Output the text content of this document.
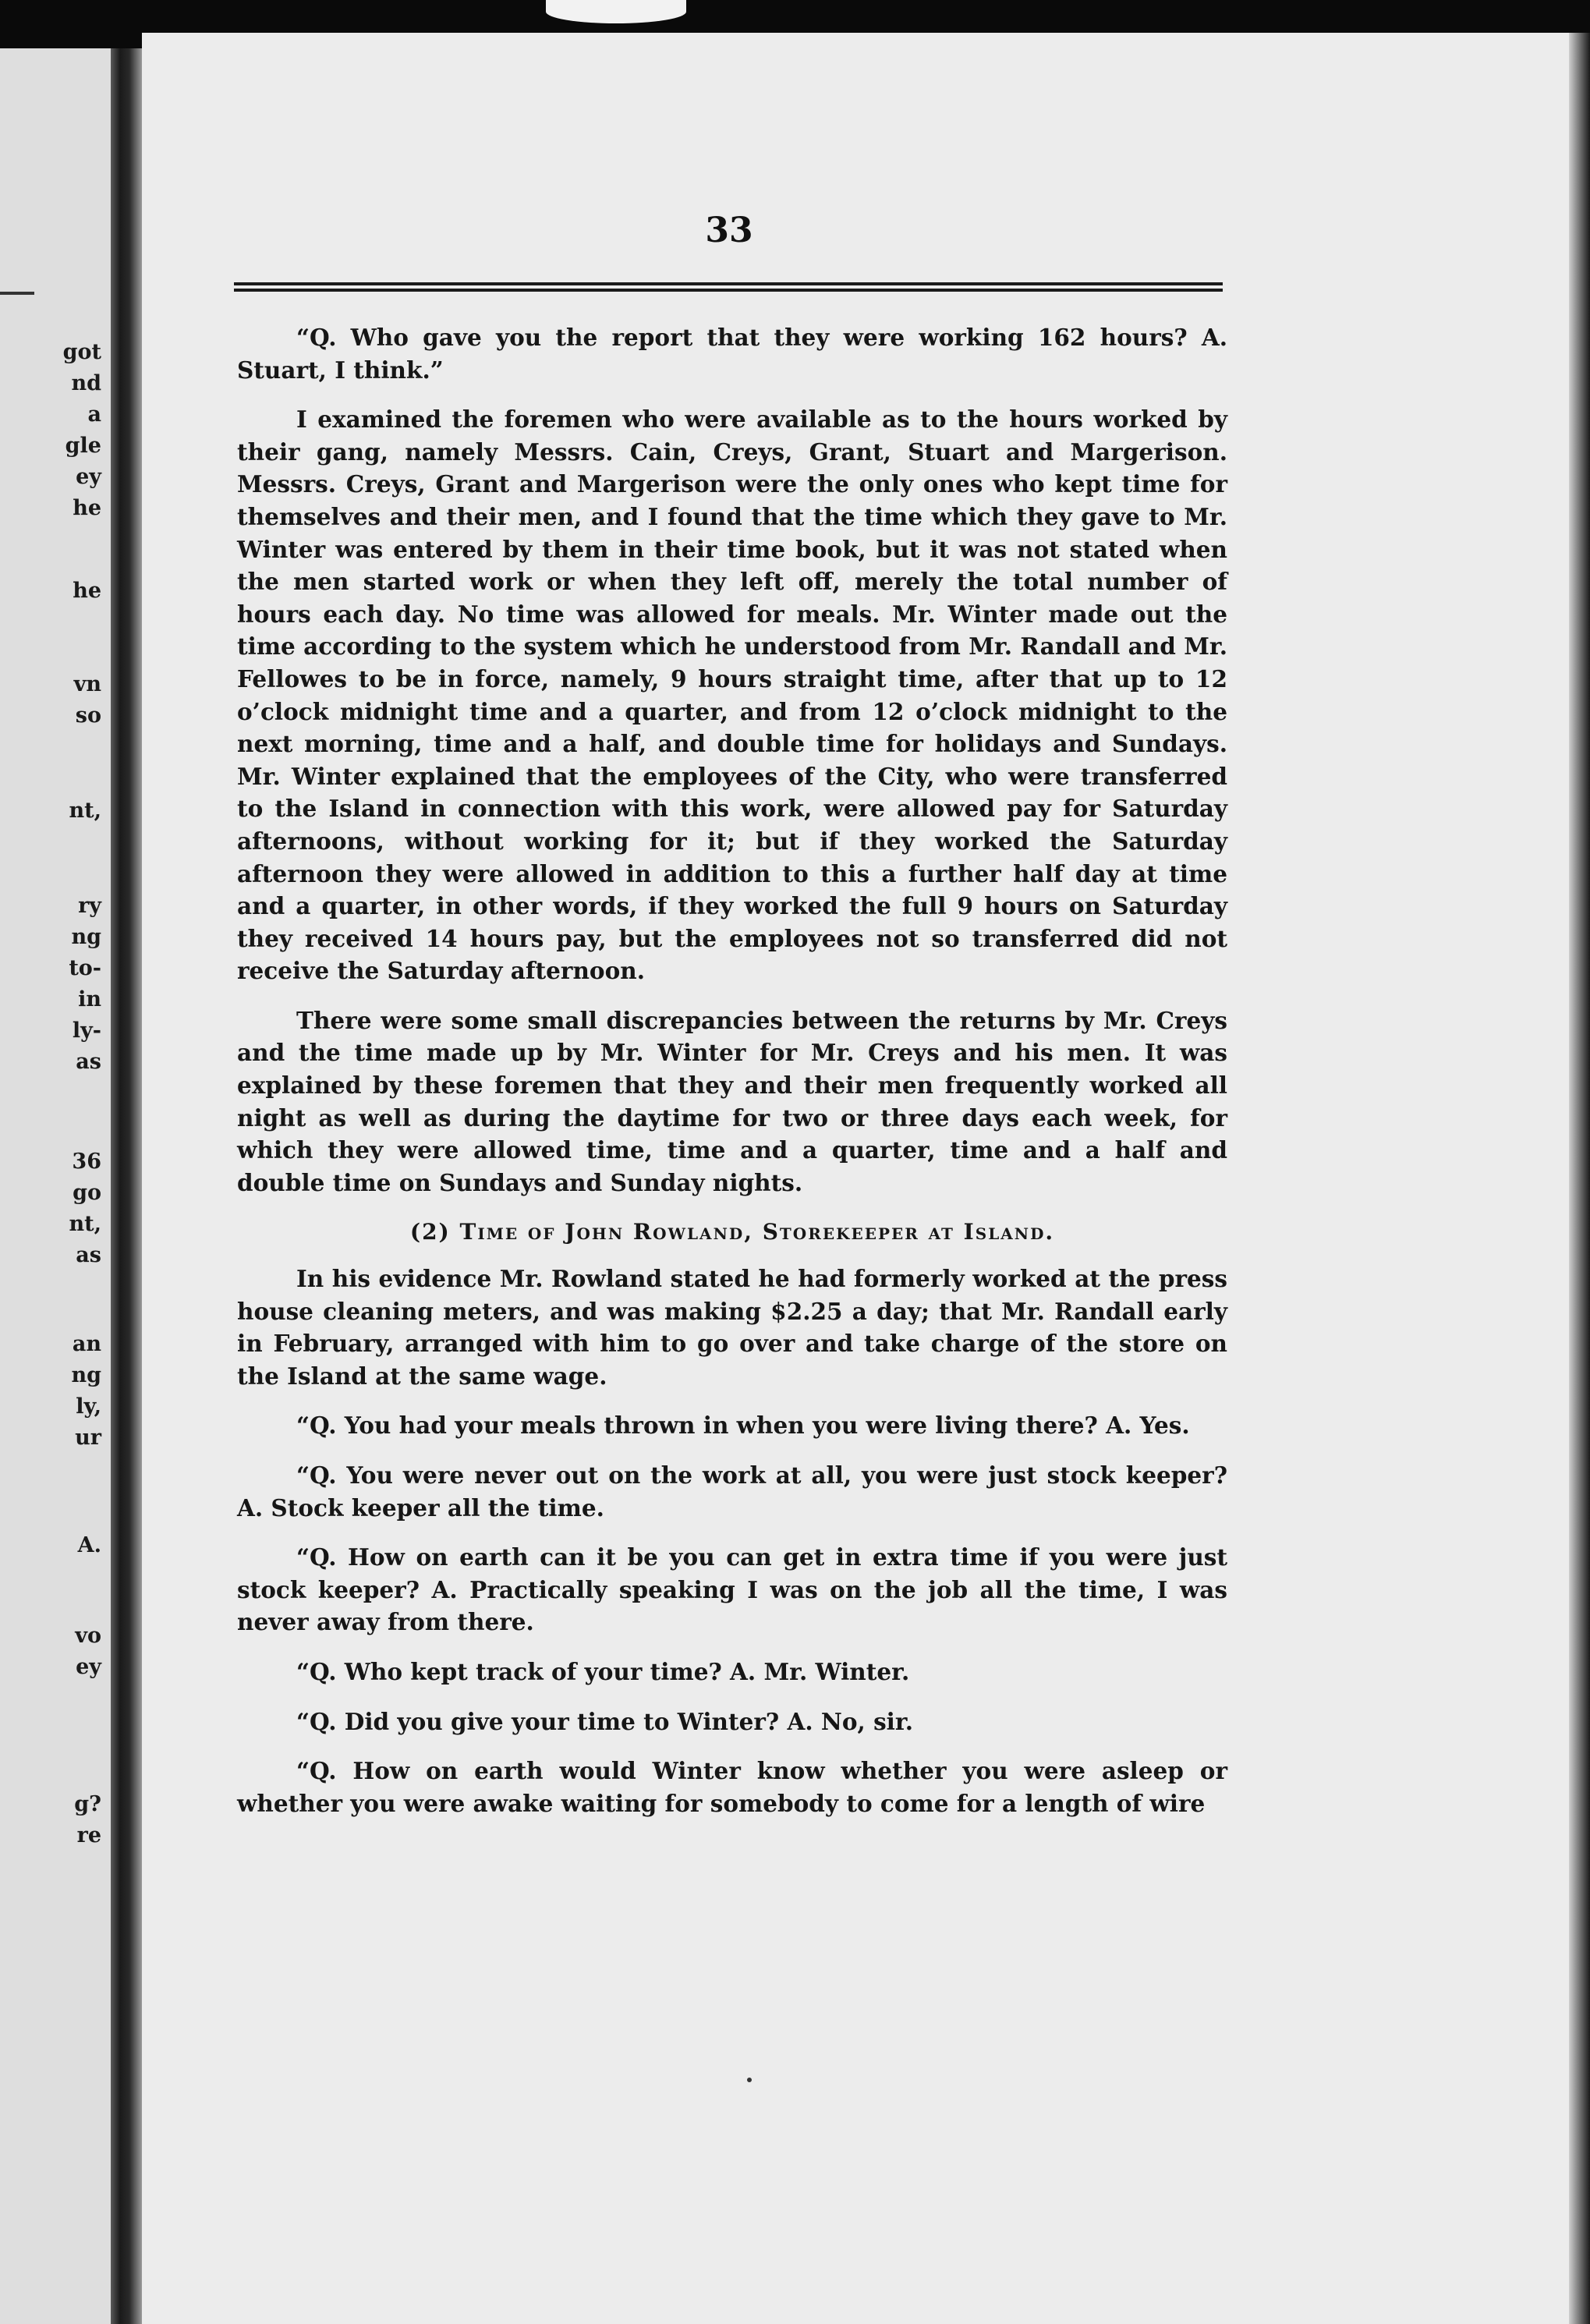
got
nd
a
gle
ey
he
he
vn
so
nt,
ry
ng
to-
in
ly-
as
36
go
nt,
as
an
ng
ly,
ur
A.
vo
ey
g?
re
33

“Q. Who gave you the report that they were working 162 hours? A. Stuart, I think.”

I examined the foremen who were available as to the hours worked by their gang, namely Messrs. Cain, Creys, Grant, Stuart and Margerison. Messrs. Creys, Grant and Margerison were the only ones who kept time for themselves and their men, and I found that the time which they gave to Mr. Winter was entered by them in their time book, but it was not stated when the men started work or when they left off, merely the total number of hours each day. No time was allowed for meals. Mr. Winter made out the time according to the system which he understood from Mr. Randall and Mr. Fellowes to be in force, namely, 9 hours straight time, after that up to 12 o’clock midnight time and a quarter, and from 12 o’clock midnight to the next morning, time and a half, and double time for holidays and Sundays. Mr. Winter explained that the employees of the City, who were transferred to the Island in connection with this work, were allowed pay for Saturday afternoons, without working for it; but if they worked the Saturday afternoon they were allowed in addition to this a further half day at time and a quarter, in other words, if they worked the full 9 hours on Saturday they received 14 hours pay, but the employees not so transferred did not receive the Saturday afternoon.

There were some small discrepancies between the returns by Mr. Creys and the time made up by Mr. Winter for Mr. Creys and his men. It was explained by these foremen that they and their men frequently worked all night as well as during the daytime for two or three days each week, for which they were allowed time, time and a quarter, time and a half and double time on Sundays and Sunday nights.

(2) Time of John Rowland, Storekeeper at Island.

In his evidence Mr. Rowland stated he had formerly worked at the press house cleaning meters, and was making $2.25 a day; that Mr. Randall early in February, arranged with him to go over and take charge of the store on the Island at the same wage.

“Q. You had your meals thrown in when you were living there? A. Yes.

“Q. You were never out on the work at all, you were just stock keeper? A. Stock keeper all the time.

“Q. How on earth can it be you can get in extra time if you were just stock keeper? A. Practically speaking I was on the job all the time, I was never away from there.

“Q. Who kept track of your time? A. Mr. Winter.

“Q. Did you give your time to Winter? A. No, sir.

“Q. How on earth would Winter know whether you were asleep or whether you were awake waiting for somebody to come for a length of wire
